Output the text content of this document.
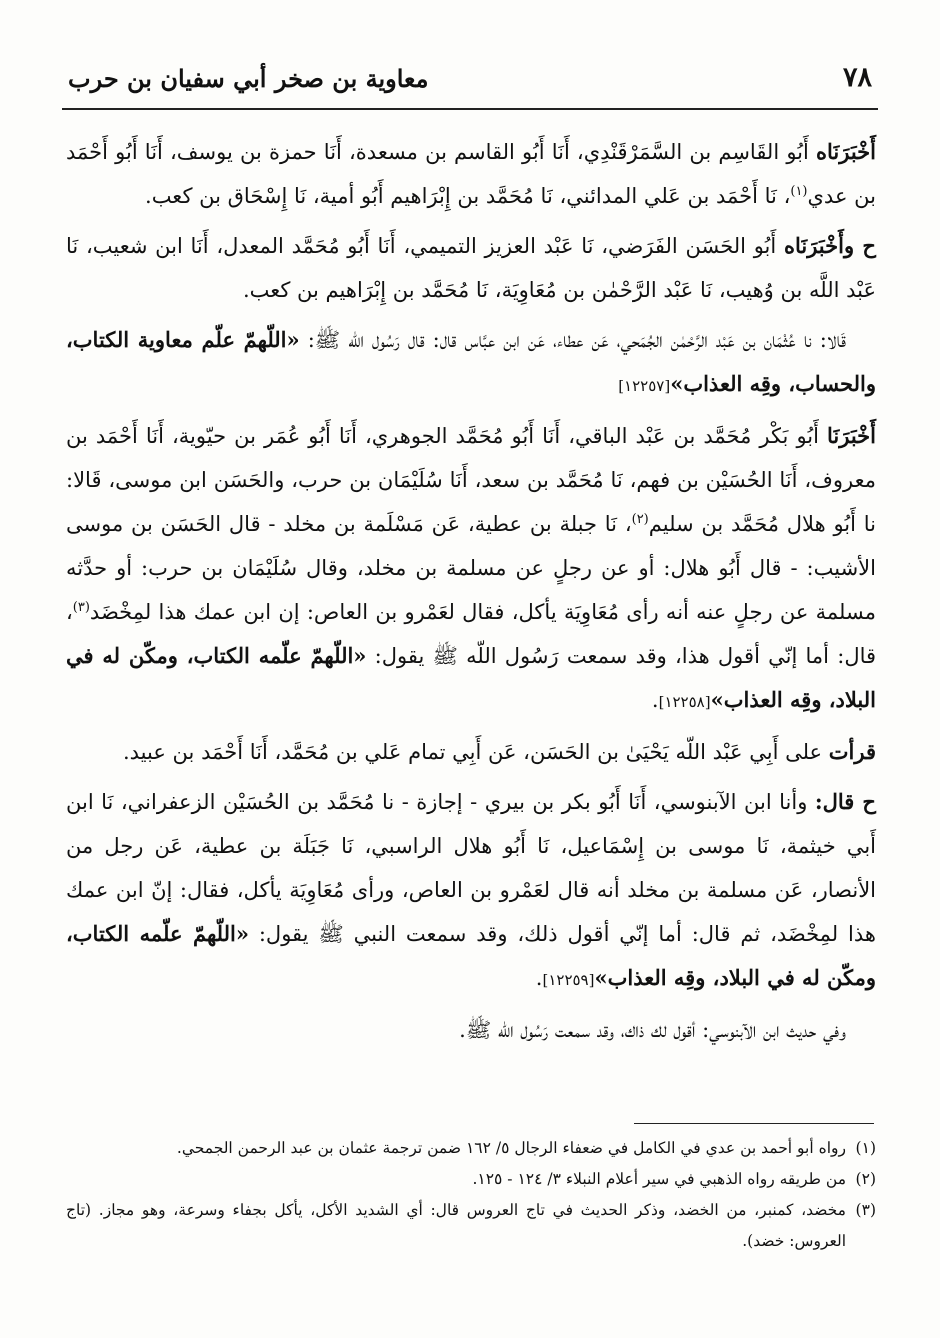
٧٨
معاوية بن صخر أبي سفيان بن حرب

أَخْبَرَنَاه أَبُو القَاسِم بن السَّمَرْقَنْدِي، أَنَا أَبُو القاسم بن مسعدة، أَنَا حمزة بن يوسف، أَنَا أَبُو أَحْمَد بن عدي$^{(١)}$، نَا أَحْمَد بن عَلي المدائني، نَا مُحَمَّد بن إِبْرَاهيم أَبُو أمية، نَا إِسْحَاق بن كعب.

ح وأَخْبَرَنَاه أَبُو الحَسَن الفَرَضي، نَا عَبْد العزيز التميمي، أَنَا أَبُو مُحَمَّد المعدل، أَنَا ابن شعيب، نَا عَبْد اللَّه بن وُهيب، نَا عَبْد الرَّحْمٰن بن مُعَاوِيَة، نَا مُحَمَّد بن إِبْرَاهيم بن كعب.

قَالا: نا عُثْمَان بن عَبْد الرَّحْمٰن الجُمَحي، عَن عطاء، عَن ابن عبَّاس قال: قال رَسُول اللّه ﷺ: «اللّهمّ علّم معاوية الكتاب، والحساب، وقِه العذاب»[١٢٢٥٧]

أَخْبَرَنَا أَبُو بَكْر مُحَمَّد بن عَبْد الباقي، أَنَا أَبُو مُحَمَّد الجوهري، أَنَا أَبُو عُمَر بن حيّوية، أَنَا أَحْمَد بن معروف، أَنَا الحُسَيْن بن فهم، نَا مُحَمَّد بن سعد، أَنَا سُلَيْمَان بن حرب، والحَسَن ابن موسى، قَالا: نا أَبُو هلال مُحَمَّد بن سليم$^{(٢)}$، نَا جبلة بن عطية، عَن مَسْلَمة بن مخلد - قال الحَسَن بن موسى الأشيب: - قال أَبُو هلال: أو عن رجلٍ عن مسلمة بن مخلد، وقال سُلَيْمَان بن حرب: أو حدَّثه مسلمة عن رجلٍ عنه أنه رأى مُعَاوِيَة يأكل، فقال لعَمْرو بن العاص: إن ابن عمك هذا لمِخْضَد$^{(٣)}$، قال: أما إنّي أقول هذا، وقد سمعت رَسُول اللّه ﷺ يقول: «اللّهمّ علّمه الكتاب، ومكّن له في البلاد، وقِه العذاب»[١٢٢٥٨].

قرأت على أَبِي عَبْد اللّه يَحْيَىٰ بن الحَسَن، عَن أَبِي تمام عَلي بن مُحَمَّد، أَنَا أَحْمَد بن عبيد.

ح قال: وأنا ابن الآبنوسي، أَنَا أَبُو بكر بن بيري - إجازة - نا مُحَمَّد بن الحُسَيْن الزعفراني، نَا ابن أَبي خيثمة، نَا موسى بن إِسْمَاعيل، نَا أَبُو هلال الراسبي، نَا جَبَلَة بن عطية، عَن رجل من الأنصار، عَن مسلمة بن مخلد أنه قال لعَمْرو بن العاص، ورأى مُعَاوِيَة يأكل، فقال: إنّ ابن عمك هذا لمِخْضَد، ثم قال: أما إنّي أقول ذلك، وقد سمعت النبي ﷺ يقول: «اللّهمّ علّمه الكتاب، ومكّن له في البلاد، وقِه العذاب»[١٢٢٥٩].

وفي حديث ابن الآبنوسي: أقول لك ذاك، وقد سمعت رَسُول اللّه ﷺ.

(١)
رواه أبو أحمد بن عدي في الكامل في ضعفاء الرجال ٥/ ١٦٢ ضمن ترجمة عثمان بن عبد الرحمن الجمحي.
(٢)
من طريقه رواه الذهبي في سير أعلام النبلاء ٣/ ١٢٤ - ١٢٥.
(٣)
مخضد، كمنبر، من الخضد، وذكر الحديث في تاج العروس قال: أي الشديد الأكل، يأكل بجفاء وسرعة، وهو مجاز. (تاج العروس: خضد).
